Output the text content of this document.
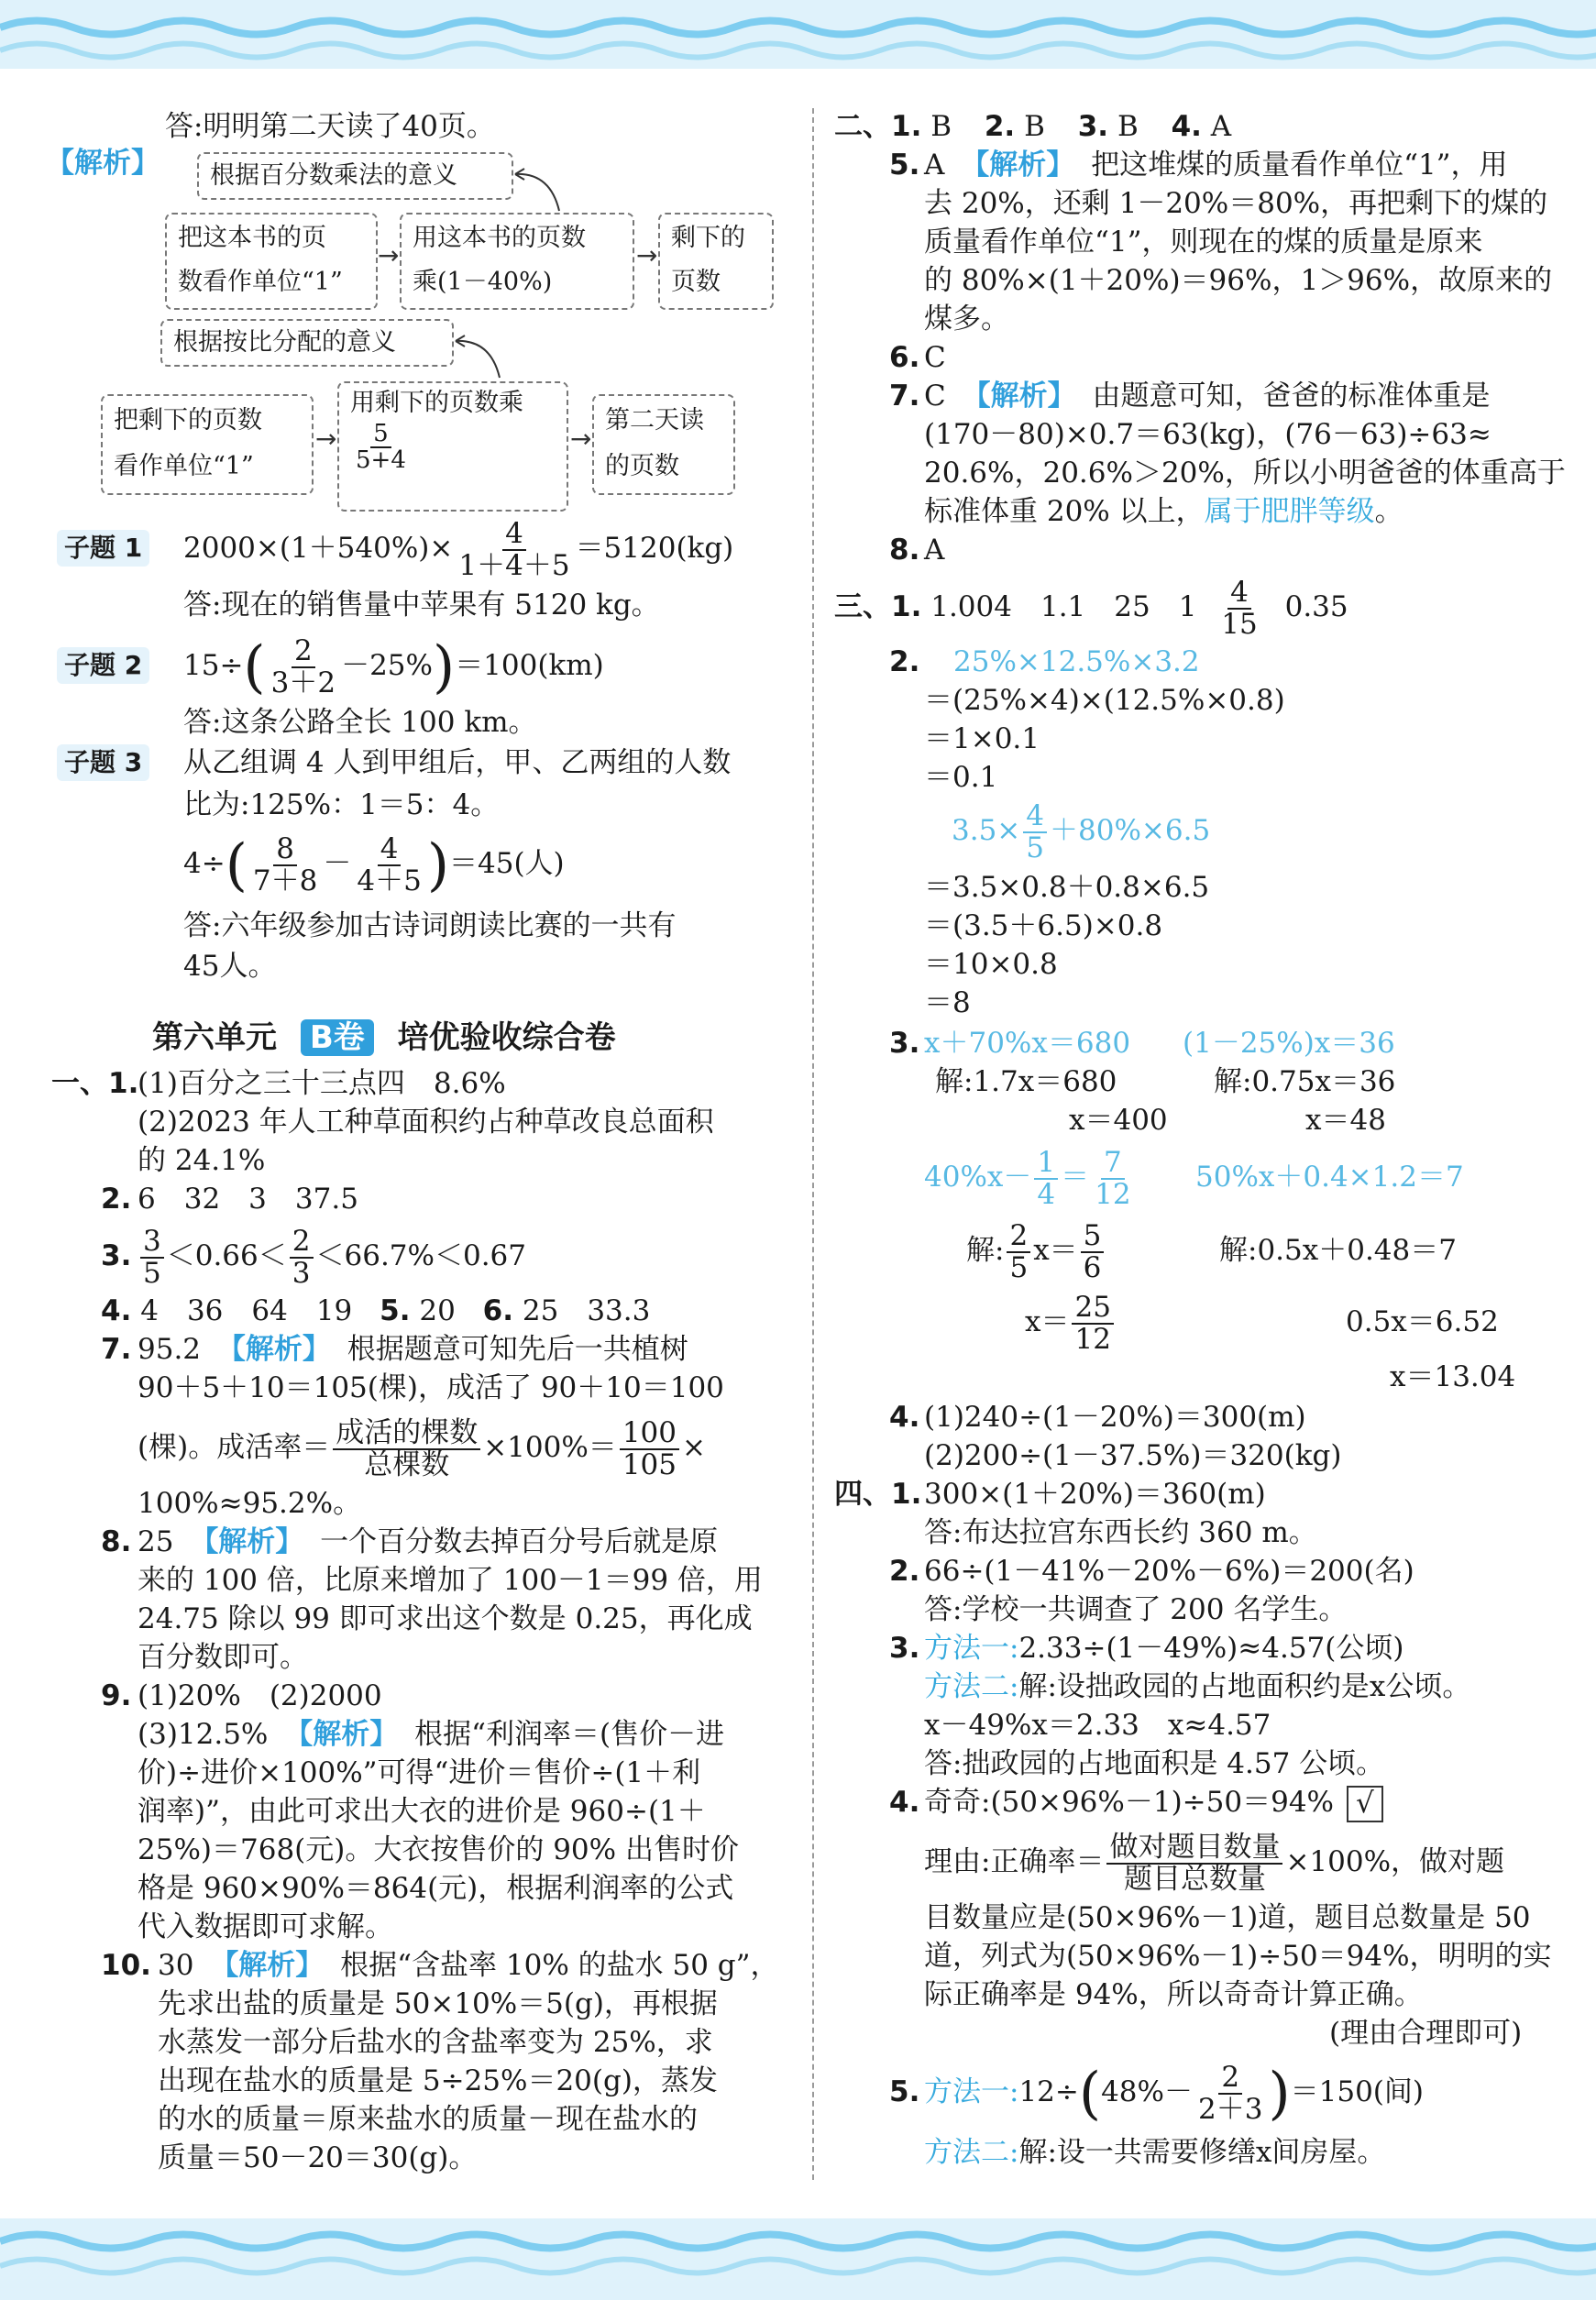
答:明明第二天读了40页。
【解析】	根据百分数乘法的意义
把这本书的页
数看作单位“1”
→
用这本书的页数
乘(1－40%)
→
剩下的
页数
根据按比分配的意义
把剩下的页数
看作单位“1”
→
用剩下的页数乘
$\frac{5}{5+4}$	→
第二天读
的页数
子题 1 $2000\times(1+540\%)\times \frac{4}{1+4+5} =5120(kg)$
答:现在的销售量中苹果有 5120 kg。
子题 2 $15\div( \frac{2}{3+2} -25\%)=100(km)$
答:这条公路全长 100 km。
子题 3 从乙组调 4 人到甲组后，甲、乙两组的人数
比为:125%：1＝5：4。
$4\div( \frac{8}{7+8} - \frac{4}{4+5} )=45$(人)
答:六年级参加古诗词朗读比赛的一共有
45人。
第六单元 B卷 培优验收综合卷
一、1.
(1)百分之三十三点四　8.6%
(2)2023 年人工种草面积约占种草改良总面积
的 24.1%
2. 6　32　3　37.5
3. $\frac{3}{5} <0.66< \frac{2}{3} <66.7\%<0.67$
4. 4　36　64　19 5. 20 6. 25　33.3
7. 95.2 【解析】 根据题意可知先后一共植树
90＋5＋10＝105(棵)，成活了 90＋10＝100
(棵)。成活率＝ $\frac{\text{成活的棵数}}{\text{总棵数}} \times 100\%= \frac{100}{105}$ ×
100%≈95.2%。
8. 25 【解析】 一个百分数去掉百分号后就是原
来的 100 倍，比原来增加了 100－1＝99 倍，用
24.75 除以 99 即可求出这个数是 0.25，再化成
百分数即可。
9. (1)20%　(2)2000
(3)12.5% 【解析】 根据“利润率＝(售价－进
价)÷进价×100%”可得“进价＝售价÷(1＋利
润率)”，由此可求出大衣的进价是 960÷(1＋
25%)＝768(元)。大衣按售价的 90% 出售时价
格是 960×90%＝864(元)，根据利润率的公式
代入数据即可求解。
10. 30 【解析】 根据“含盐率 10% 的盐水 50 g”，
先求出盐的质量是 50×10%＝5(g)，再根据
水蒸发一部分后盐水的含盐率变为 25%，求
出现在盐水的质量是 5÷25%＝20(g)，蒸发
的水的质量＝原来盐水的质量－现在盐水的
质量＝50－20＝30(g)。
二、1. B 2. B 3. B 4. A
5. A 【解析】 把这堆煤的质量看作单位“1”，用
去 20%，还剩 1－20%＝80%，再把剩下的煤的
质量看作单位“1”，则现在的煤的质量是原来
的 80%×(1＋20%)＝96%，1＞96%，故原来的
煤多。
6. C
7. C 【解析】 由题意可知，爸爸的标准体重是
(170－80)×0.7＝63(kg)，(76－63)÷63≈
20.6%，20.6%＞20%，所以小明爸爸的体重高于
标准体重 20% 以上，属于肥胖等级。
8. A
三、1. 1.004　1.1　25　$1 \frac{4}{15} 0.35$
2. 25%×12.5%×3.2
＝(25%×4)×(12.5%×0.8)
＝1×0.1
＝0.1
$3.5\times \frac{4}{5} +80\%\times 6.5$
＝3.5×0.8＋0.8×6.5
＝(3.5＋6.5)×0.8
＝10×0.8
＝8
3. x＋70%x＝680 (1－25%)x＝36
解:1.7x＝680	解:0.75x＝36
x＝400	x＝48
$40\%x- \frac{1}{4} = \frac{7}{12} 50\%x+0.4\times 1.2=7$
解: $\frac{2}{5} x= \frac{5}{6}$	解:0.5x＋0.48＝7
$x= \frac{25}{12}$	0.5x＝6.52
x＝13.04
4. (1)240÷(1－20%)＝300(m)
(2)200÷(1－37.5%)＝320(kg)
四、1. 300×(1＋20%)＝360(m)
答:布达拉宫东西长约 360 m。
2. 66÷(1－41%－20%－6%)＝200(名)
答:学校一共调查了 200 名学生。
3. 方法一:2.33÷(1－49%)≈4.57(公顷)
方法二:解:设拙政园的占地面积约是x公顷。
x－49%x＝2.33　x≈4.57
答:拙政园的占地面积是 4.57 公顷。
4. 奇奇:(50×96%－1)÷50＝94% √
理由:正确率＝ $\frac{\text{做对题目数量}}{\text{题目总数量}} \times 100\%$，做对题
目数量应是(50×96%－1)道，题目总数量是 50
道，列式为(50×96%－1)÷50＝94%，明明的实
际正确率是 94%，所以奇奇计算正确。
(理由合理即可)
5. 方法一:12÷(48%－ $\frac{2}{2+3} )=150$(间)
方法二:解:设一共需要修缮x间房屋。
